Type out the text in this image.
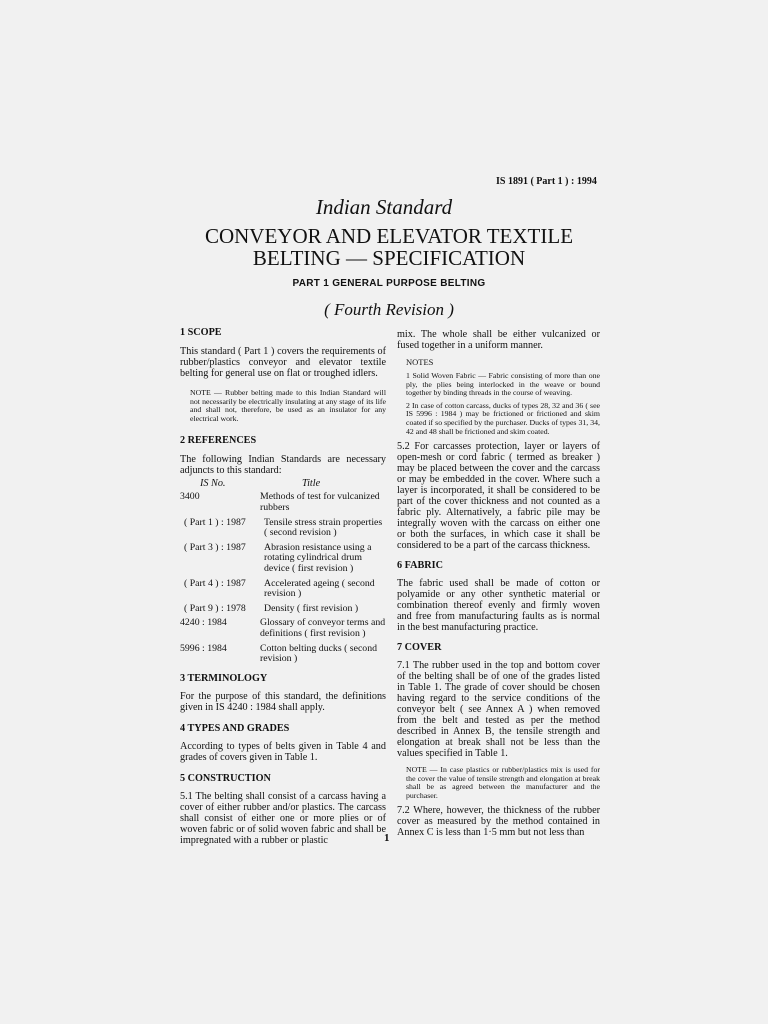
IS 1891 ( Part 1 ) : 1994
Indian Standard
CONVEYOR AND ELEVATOR TEXTILE
BELTING — SPECIFICATION
PART 1 GENERAL PURPOSE BELTING
( Fourth Revision )

1 SCOPE

This standard ( Part 1 ) covers the requirements of rubber/plastics conveyor and elevator textile belting for general use on flat or troughed idlers.

NOTE — Rubber belting made to this Indian Standard will not necessarily be electrically insulating at any stage of its life and shall not, therefore, be used as an insulator for any electrical work.

2 REFERENCES

The following Indian Standards are necessary adjuncts to this standard:

IS No.	Title
3400	Methods of test for vulcanized rubbers
( Part 1 ) : 1987	Tensile stress strain properties ( second revision )
( Part 3 ) : 1987	Abrasion resistance using a rotating cylindrical drum device ( first revision )
( Part 4 ) : 1987	Accelerated ageing ( second revision )
( Part 9 ) : 1978	Density ( first revision )
4240 : 1984	Glossary of conveyor terms and definitions ( first revision )
5996 : 1984	Cotton belting ducks ( second revision )

3 TERMINOLOGY

For the purpose of this standard, the definitions given in IS 4240 : 1984 shall apply.

4 TYPES AND GRADES

According to types of belts given in Table 4 and grades of covers given in Table 1.

5 CONSTRUCTION

5.1 The belting shall consist of a carcass having a cover of either rubber and/or plastics. The carcass shall consist of either one or more plies or of woven fabric or of solid woven fabric and shall be impregnated with a rubber or plastic

mix. The whole shall be either vulcanized or fused together in a uniform manner.

NOTES

1 Solid Woven Fabric — Fabric consisting of more than one ply, the plies being interlocked in the weave or bound together by binding threads in the course of weaving.

2 In case of cotton carcass, ducks of types 28, 32 and 36 ( see IS 5996 : 1984 ) may be frictioned or frictioned and skim coated if so specified by the purchaser. Ducks of types 31, 34, 42 and 48 shall be frictioned and skim coated.

5.2 For carcasses protection, layer or layers of open-mesh or cord fabric ( termed as breaker ) may be placed between the cover and the carcass or may be embedded in the cover. Where such a layer is incorporated, it shall be considered to be part of the cover thickness and not counted as a fabric ply. Alternatively, a fabric pile may be integrally woven with the carcass on either one or both the surfaces, in which case it shall be considered to be a part of the carcass thickness.

6 FABRIC

The fabric used shall be made of cotton or polyamide or any other synthetic material or combination thereof evenly and firmly woven and free from manufacturing faults as is normal in the best manufacturing practice.

7 COVER

7.1 The rubber used in the top and bottom cover of the belting shall be of one of the grades listed in Table 1. The grade of cover should be chosen having regard to the service conditions of the conveyor belt ( see Annex A ) when removed from the belt and tested as per the method described in Annex B, the tensile strength and elongation at break shall not be less than the values specified in Table 1.

NOTE — In case plastics or rubber/plastics mix is used for the cover the value of tensile strength and elongation at break shall be as agreed between the manufacturer and the purchaser.

7.2 Where, however, the thickness of the rubber cover as measured by the method contained in Annex C is less than 1·5 mm but not less than

1
